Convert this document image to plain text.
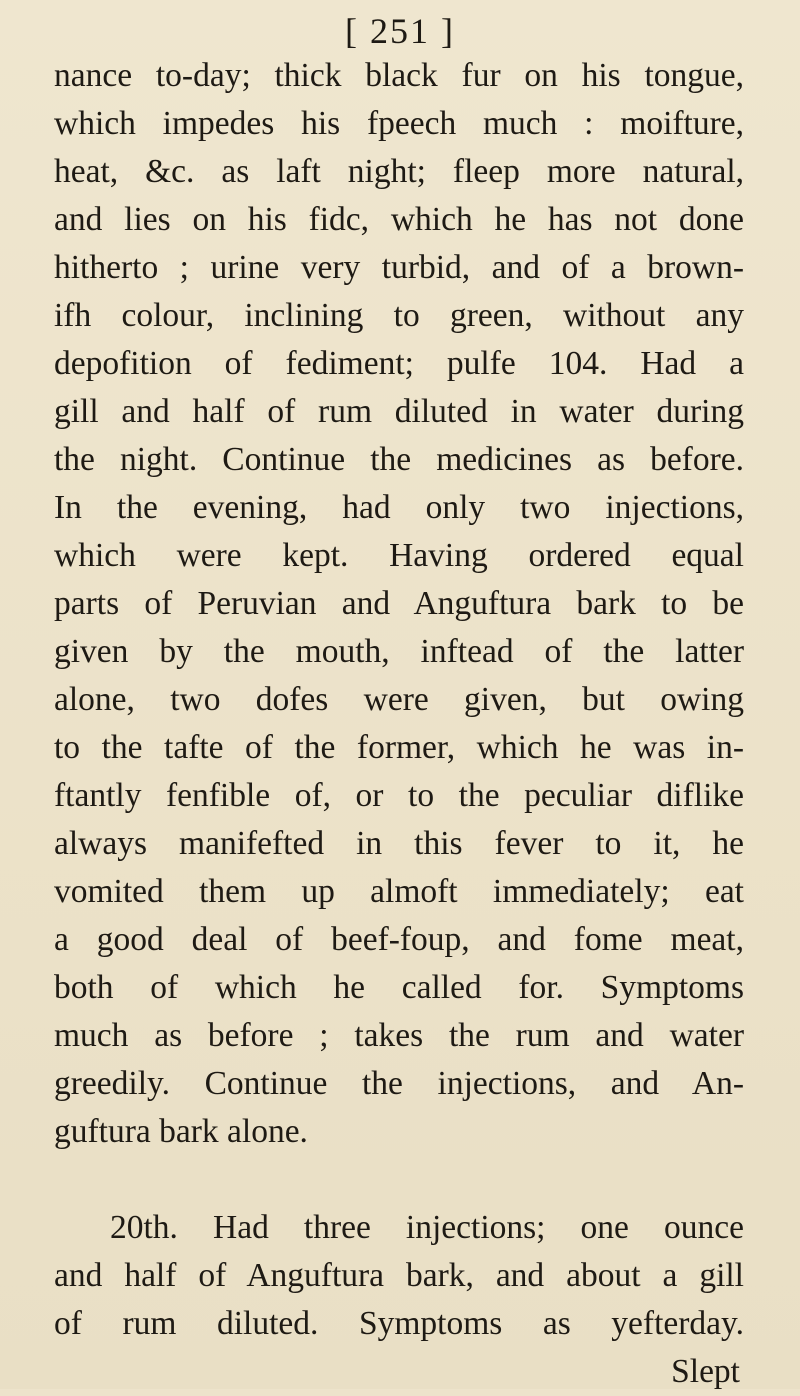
[ 251 ]
nance to-day; thick black fur on his tongue,
which impedes his fpeech much : moifture,
heat, &c. as laft night; fleep more natural,
and lies on his fidc, which he has not done
hitherto ; urine very turbid, and of a brown-
ifh colour, inclining to green, without any
depofition of fediment; pulfe 104. Had a
gill and half of rum diluted in water during
the night. Continue the medicines as before.
In the evening, had only two injections,
which were kept. Having ordered equal
parts of Peruvian and Anguftura bark to be
given by the mouth, inftead of the latter
alone, two dofes were given, but owing
to the tafte of the former, which he was in-
ftantly fenfible of, or to the peculiar diflike
always manifefted in this fever to it, he
vomited them up almoft immediately; eat
a good deal of beef-foup, and fome meat,
both of which he called for. Symptoms
much as before ; takes the rum and water
greedily. Continue the injections, and An-
guftura bark alone.
20th. Had three injections; one ounce
and half of Anguftura bark, and about a gill
of rum diluted. Symptoms as yefterday.
Slept
